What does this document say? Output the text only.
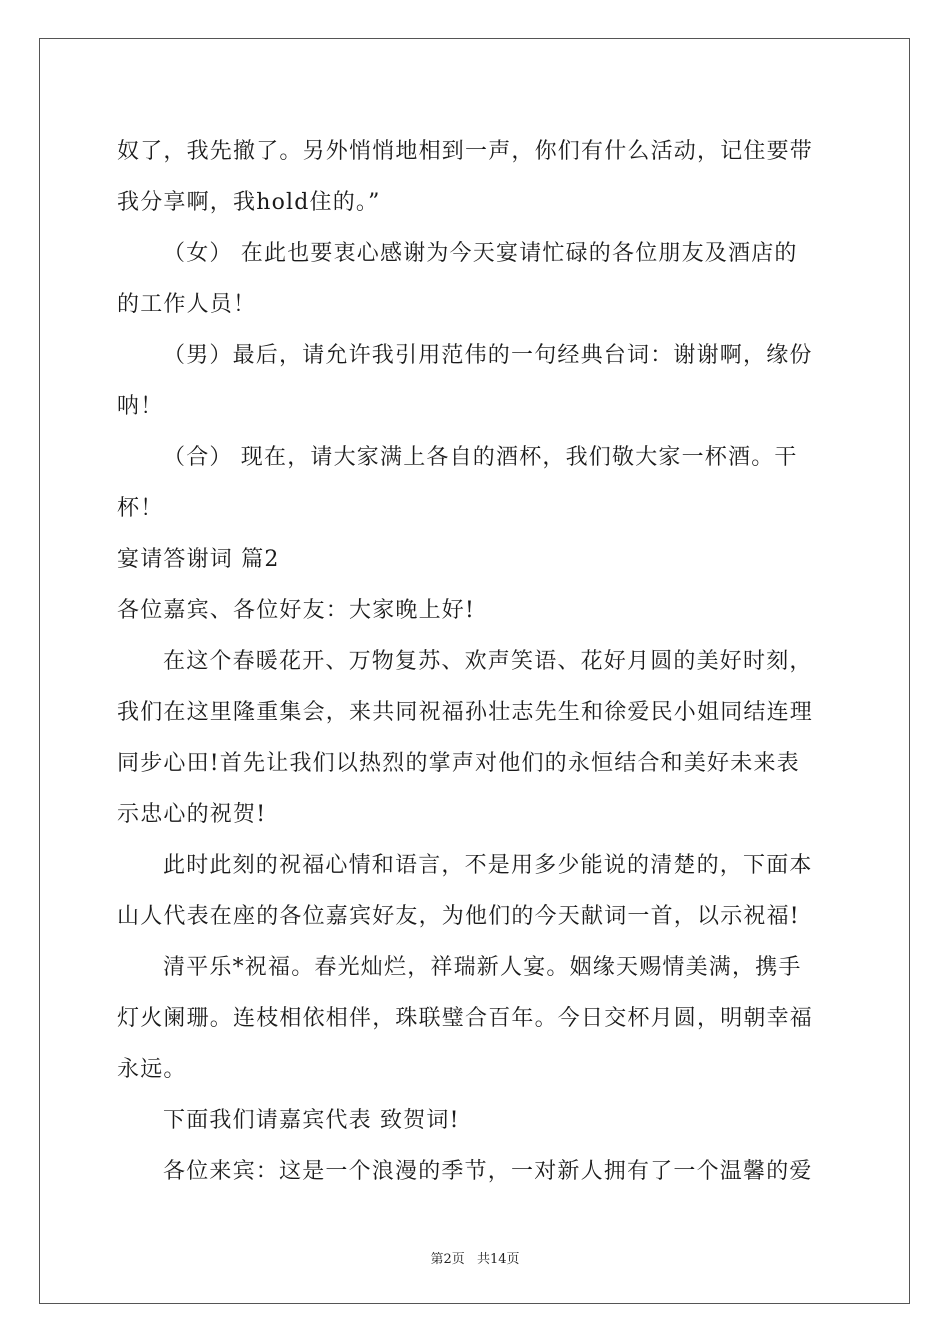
奴了，我先撤了。另外悄悄地相到一声，你们有什么活动，记住要带
我分享啊，我hold住的。”
（女） 在此也要衷心感谢为今天宴请忙碌的各位朋友及酒店的
的工作人员！
（男）最后，请允许我引用范伟的一句经典台词：谢谢啊，缘份
呐！
（合） 现在，请大家满上各自的酒杯，我们敬大家一杯酒。干
杯！
宴请答谢词 篇2
各位嘉宾、各位好友：大家晚上好!
在这个春暖花开、万物复苏、欢声笑语、花好月圆的美好时刻，
我们在这里隆重集会，来共同祝福孙壮志先生和徐爱民小姐同结连理
同步心田!首先让我们以热烈的掌声对他们的永恒结合和美好未来表
示忠心的祝贺!
此时此刻的祝福心情和语言，不是用多少能说的清楚的，下面本
山人代表在座的各位嘉宾好友，为他们的今天献词一首，以示祝福!
清平乐*祝福。春光灿烂，祥瑞新人宴。姻缘天赐情美满，携手
灯火阑珊。连枝相依相伴，珠联璧合百年。今日交杯月圆，明朝幸福
永远。
下面我们请嘉宾代表 致贺词!
各位来宾：这是一个浪漫的季节，一对新人拥有了一个温馨的爱
第2页 共14页
